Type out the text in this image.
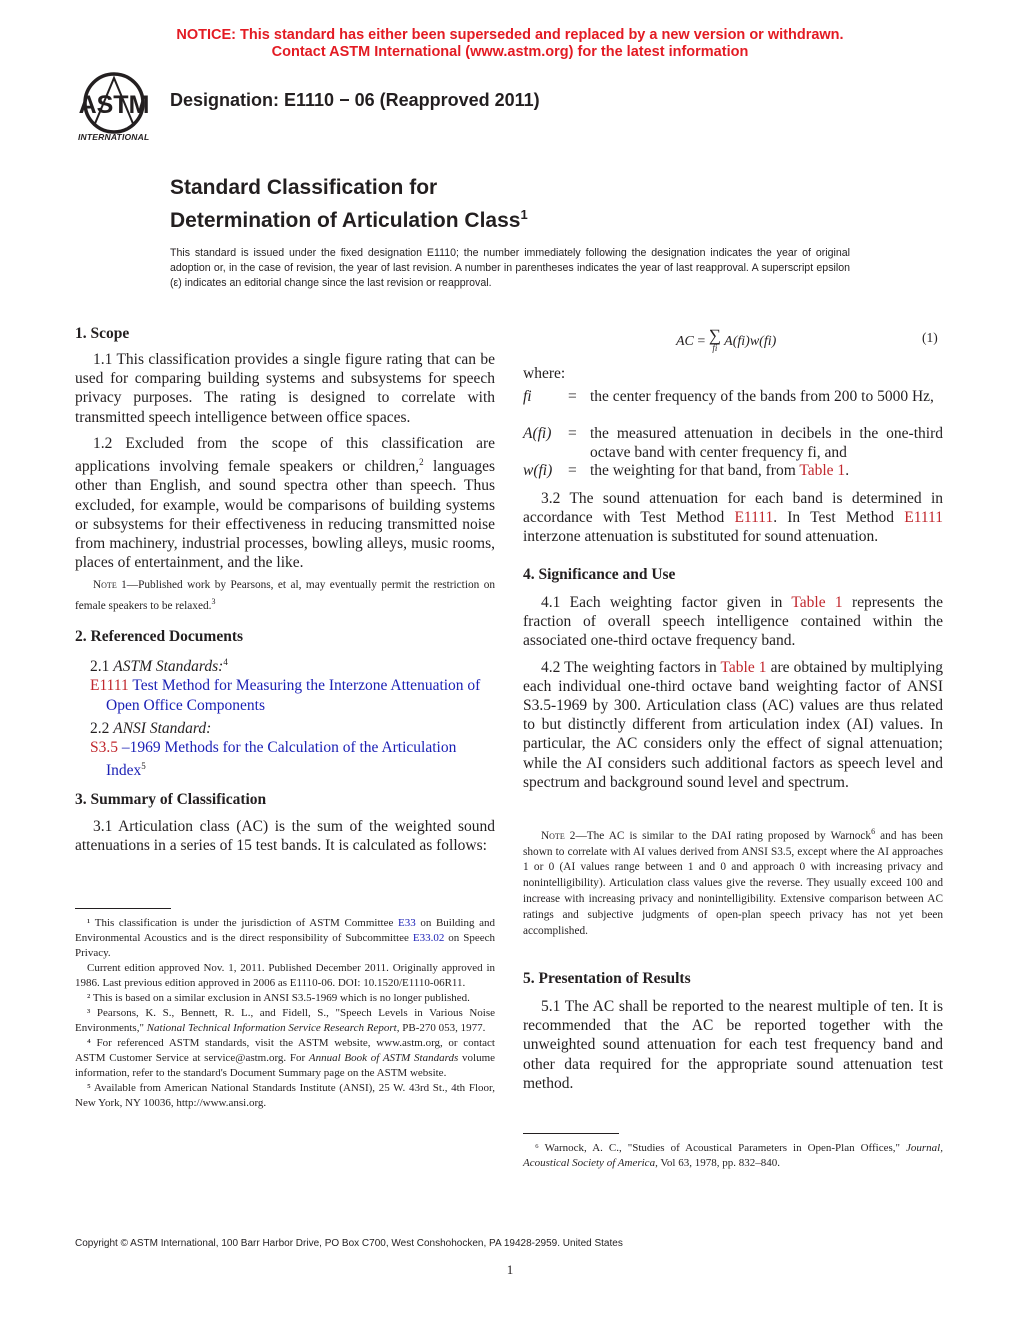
NOTICE: This standard has either been superseded and replaced by a new version or withdrawn.
Contact ASTM International (www.astm.org) for the latest information
ASTM
INTERNATIONAL
Designation: E1110 − 06 (Reapproved 2011)
Standard Classification for
Determination of Articulation Class$^1$
This standard is issued under the fixed designation E1110; the number immediately following the designation indicates the year of original adoption or, in the case of revision, the year of last revision. A number in parentheses indicates the year of last reapproval. A superscript epsilon (ε) indicates an editorial change since the last revision or reapproval.
1. Scope

1.1 This classification provides a single figure rating that can be used for comparing building systems and subsystems for speech privacy purposes. The rating is designed to correlate with transmitted speech intelligence between office spaces.

1.2 Excluded from the scope of this classification are applications involving female speakers or children,$^2$ languages other than English, and sound spectra other than speech. Thus excluded, for example, would be comparisons of building systems or subsystems for their effectiveness in reducing transmitted noise from machinery, industrial processes, bowling alleys, music rooms, places of entertainment, and the like.

Note 1—Published work by Pearsons, et al, may eventually permit the restriction on female speakers to be relaxed.$^3$

2. Referenced Documents

2.1 ASTM Standards:$^4$

E1111 Test Method for Measuring the Interzone Attenuation of Open Office Components

2.2 ANSI Standard:

S3.5 –1969 Methods for the Calculation of the Articulation Index$^5$

3. Summary of Classification

3.1 Articulation class (AC) is the sum of the weighted sound attenuations in a series of 15 test bands. It is calculated as follows:

¹ This classification is under the jurisdiction of ASTM Committee E33 on Building and Environmental Acoustics and is the direct responsibility of Subcommittee E33.02 on Speech Privacy.

Current edition approved Nov. 1, 2011. Published December 2011. Originally approved in 1986. Last previous edition approved in 2006 as E1110-06. DOI: 10.1520/E1110-06R11.

² This is based on a similar exclusion in ANSI S3.5-1969 which is no longer published.

³ Pearsons, K. S., Bennett, R. L., and Fidell, S., "Speech Levels in Various Noise Environments," National Technical Information Service Research Report, PB-270 053, 1977.

⁴ For referenced ASTM standards, visit the ASTM website, www.astm.org, or contact ASTM Customer Service at service@astm.org. For Annual Book of ASTM Standards volume information, refer to the standard's Document Summary page on the ASTM website.

⁵ Available from American National Standards Institute (ANSI), 25 W. 43rd St., 4th Floor, New York, NY 10036, http://www.ansi.org.

AC = ∑
fi A(fi)w(fi)	(1)
where:
fi	= the center frequency of the bands from 200 to 5000 Hz,
A(fi)	= the measured attenuation in decibels in the one-third octave band with center frequency fi, and
w(fi)	= the weighting for that band, from Table 1.

3.2 The sound attenuation for each band is determined in accordance with Test Method E1111. In Test Method E1111 interzone attenuation is substituted for sound attenuation.

4. Significance and Use

4.1 Each weighting factor given in Table 1 represents the fraction of overall speech intelligence contained within the associated one-third octave frequency band.

4.2 The weighting factors in Table 1 are obtained by multiplying each individual one-third octave band weighting factor of ANSI S3.5-1969 by 300. Articulation class (AC) values are thus related to but distinctly different from articulation index (AI) values. In particular, the AC considers only the effect of signal attenuation; while the AI considers such additional factors as speech level and spectrum and background sound level and spectrum.

Note 2—The AC is similar to the DAI rating proposed by Warnock$^6$ and has been shown to correlate with AI values derived from ANSI S3.5, except where the AI approaches 1 or 0 (AI values range between 1 and 0 and approach 0 with increasing privacy and nonintelligibility). Articulation class values give the reverse. They usually exceed 100 and increase with increasing privacy and nonintelligibility. Extensive comparison between AC ratings and subjective judgments of open-plan speech privacy has not yet been accomplished.

5. Presentation of Results

5.1 The AC shall be reported to the nearest multiple of ten. It is recommended that the AC be reported together with the unweighted sound attenuation for each test frequency band and other data required for the appropriate sound attenuation test method.

⁶ Warnock, A. C., "Studies of Acoustical Parameters in Open-Plan Offices," Journal, Acoustical Society of America, Vol 63, 1978, pp. 832–840.

Copyright © ASTM International, 100 Barr Harbor Drive, PO Box C700, West Conshohocken, PA 19428-2959. United States
1
